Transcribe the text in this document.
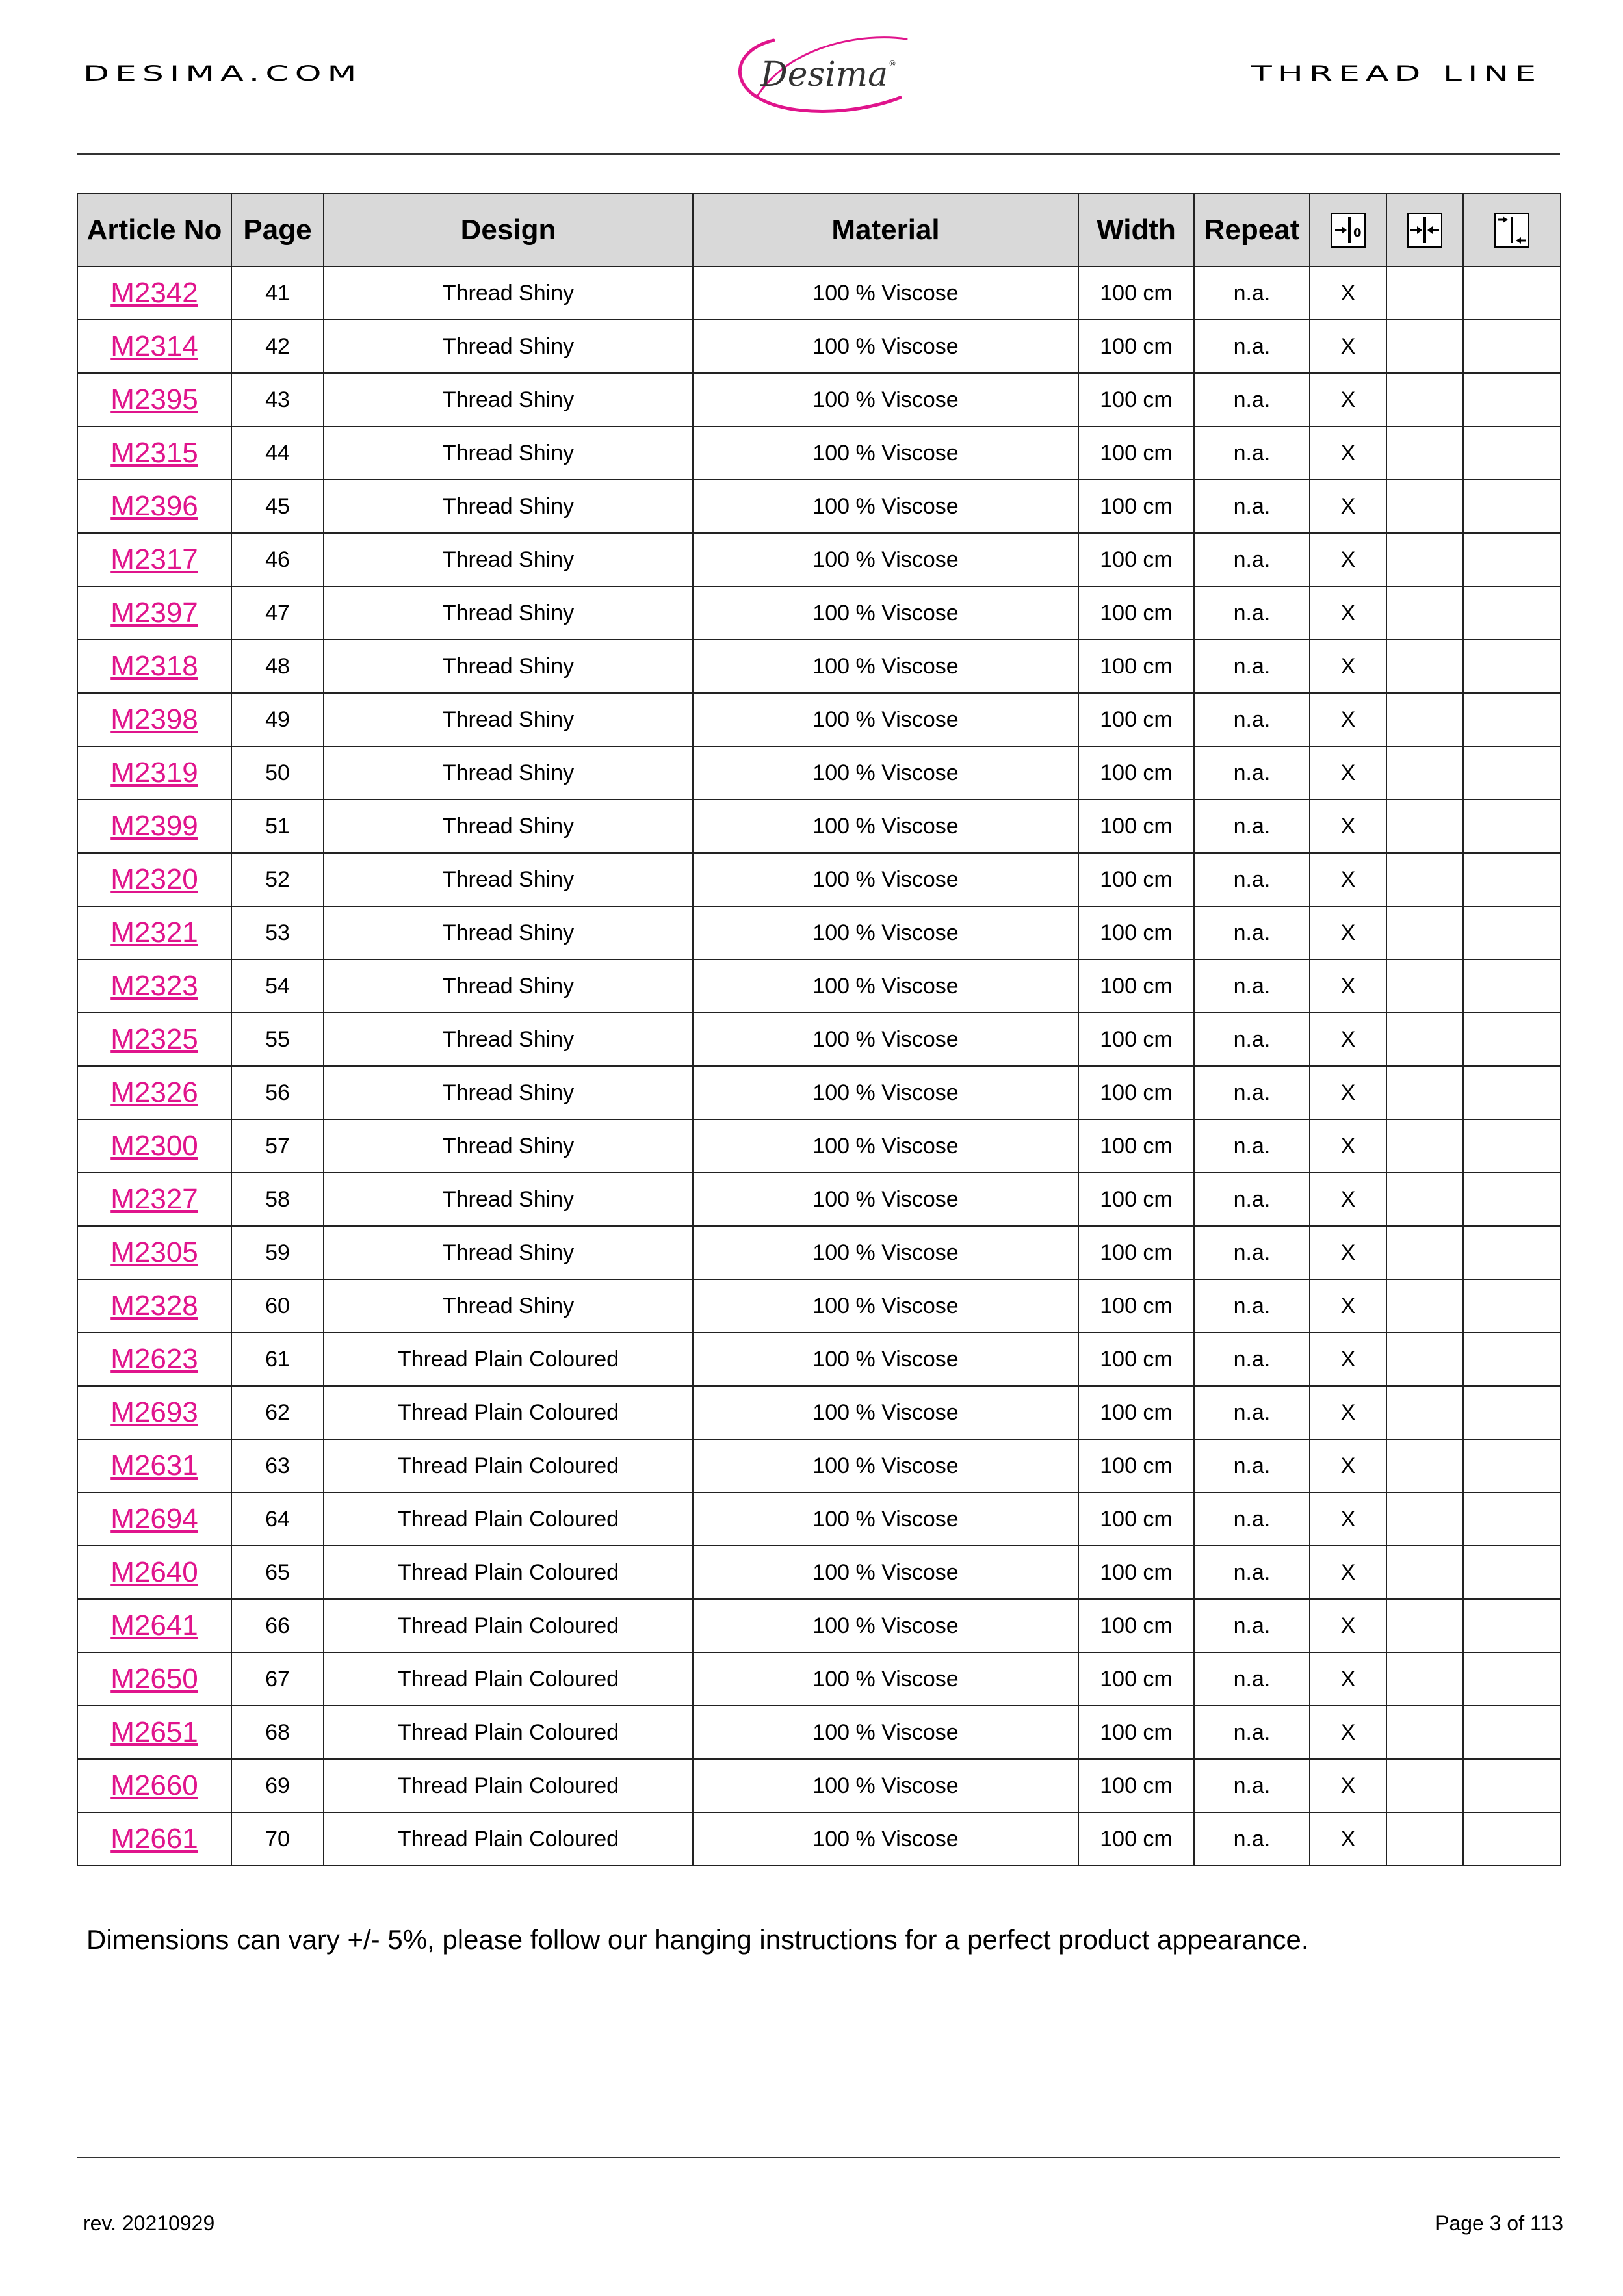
DESIMA.COM	Desima ®	THREAD LINE
Article No	Page	Design	Material	Width	Repeat	0

M2342	41	Thread Shiny	100 % Viscose	100 cm	n.a.	X		
M2314	42	Thread Shiny	100 % Viscose	100 cm	n.a.	X		
M2395	43	Thread Shiny	100 % Viscose	100 cm	n.a.	X		
M2315	44	Thread Shiny	100 % Viscose	100 cm	n.a.	X		
M2396	45	Thread Shiny	100 % Viscose	100 cm	n.a.	X		
M2317	46	Thread Shiny	100 % Viscose	100 cm	n.a.	X		
M2397	47	Thread Shiny	100 % Viscose	100 cm	n.a.	X		
M2318	48	Thread Shiny	100 % Viscose	100 cm	n.a.	X		
M2398	49	Thread Shiny	100 % Viscose	100 cm	n.a.	X		
M2319	50	Thread Shiny	100 % Viscose	100 cm	n.a.	X		
M2399	51	Thread Shiny	100 % Viscose	100 cm	n.a.	X		
M2320	52	Thread Shiny	100 % Viscose	100 cm	n.a.	X		
M2321	53	Thread Shiny	100 % Viscose	100 cm	n.a.	X		
M2323	54	Thread Shiny	100 % Viscose	100 cm	n.a.	X		
M2325	55	Thread Shiny	100 % Viscose	100 cm	n.a.	X		
M2326	56	Thread Shiny	100 % Viscose	100 cm	n.a.	X		
M2300	57	Thread Shiny	100 % Viscose	100 cm	n.a.	X		
M2327	58	Thread Shiny	100 % Viscose	100 cm	n.a.	X		
M2305	59	Thread Shiny	100 % Viscose	100 cm	n.a.	X		
M2328	60	Thread Shiny	100 % Viscose	100 cm	n.a.	X		
M2623	61	Thread Plain Coloured	100 % Viscose	100 cm	n.a.	X		
M2693	62	Thread Plain Coloured	100 % Viscose	100 cm	n.a.	X		
M2631	63	Thread Plain Coloured	100 % Viscose	100 cm	n.a.	X		
M2694	64	Thread Plain Coloured	100 % Viscose	100 cm	n.a.	X		
M2640	65	Thread Plain Coloured	100 % Viscose	100 cm	n.a.	X		
M2641	66	Thread Plain Coloured	100 % Viscose	100 cm	n.a.	X		
M2650	67	Thread Plain Coloured	100 % Viscose	100 cm	n.a.	X		
M2651	68	Thread Plain Coloured	100 % Viscose	100 cm	n.a.	X		
M2660	69	Thread Plain Coloured	100 % Viscose	100 cm	n.a.	X		
M2661	70	Thread Plain Coloured	100 % Viscose	100 cm	n.a.	X		
Dimensions can vary +/- 5%, please follow our hanging instructions for a perfect product appearance.
rev. 20210929	Page 3 of 113
